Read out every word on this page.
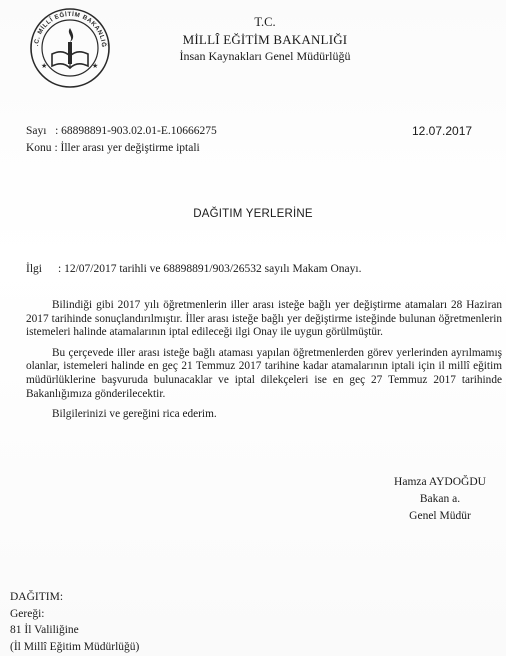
.C. MİLLÎ EĞİTİM BAKANLIĞ
★	★
T.C.
MİLLÎ EĞİTİM BAKANLIĞI
İnsan Kaynakları Genel Müdürlüğü
Sayı   : 68898891-903.02.01-E.10666275
Konu : İller arası yer değiştirme iptali
12.07.2017
DAĞITIM YERLERİNE
İlgi : 12/07/2017 tarihli ve 68898891/903/26532 sayılı Makam Onayı.

Bilindiği gibi 2017 yılı öğretmenlerin iller arası isteğe bağlı yer değiştirme atamaları 28 Haziran 2017 tarihinde sonuçlandırılmıştır. İller arası isteğe bağlı yer değiştirme isteğinde bulunan öğretmenlerin istemeleri halinde atamalarının iptal edileceği ilgi Onay ile uygun görülmüştür.

Bu çerçevede iller arası isteğe bağlı ataması yapılan öğretmenlerden görev yerlerinden ayrılmamış olanlar, istemeleri halinde en geç 21 Temmuz 2017 tarihine kadar atamalarının iptali için il millî eğitim müdürlüklerine başvuruda bulunacaklar ve iptal dilekçeleri ise en geç 27 Temmuz 2017 tarihinde Bakanlığımıza gönderilecektir.

Bilgilerinizi ve gereğini rica ederim.

Hamza AYDOĞDU
Bakan a.
Genel Müdür
DAĞITIM:
Gereği:
81 İl Valiliğine
(İl Millî Eğitim Müdürlüğü)
